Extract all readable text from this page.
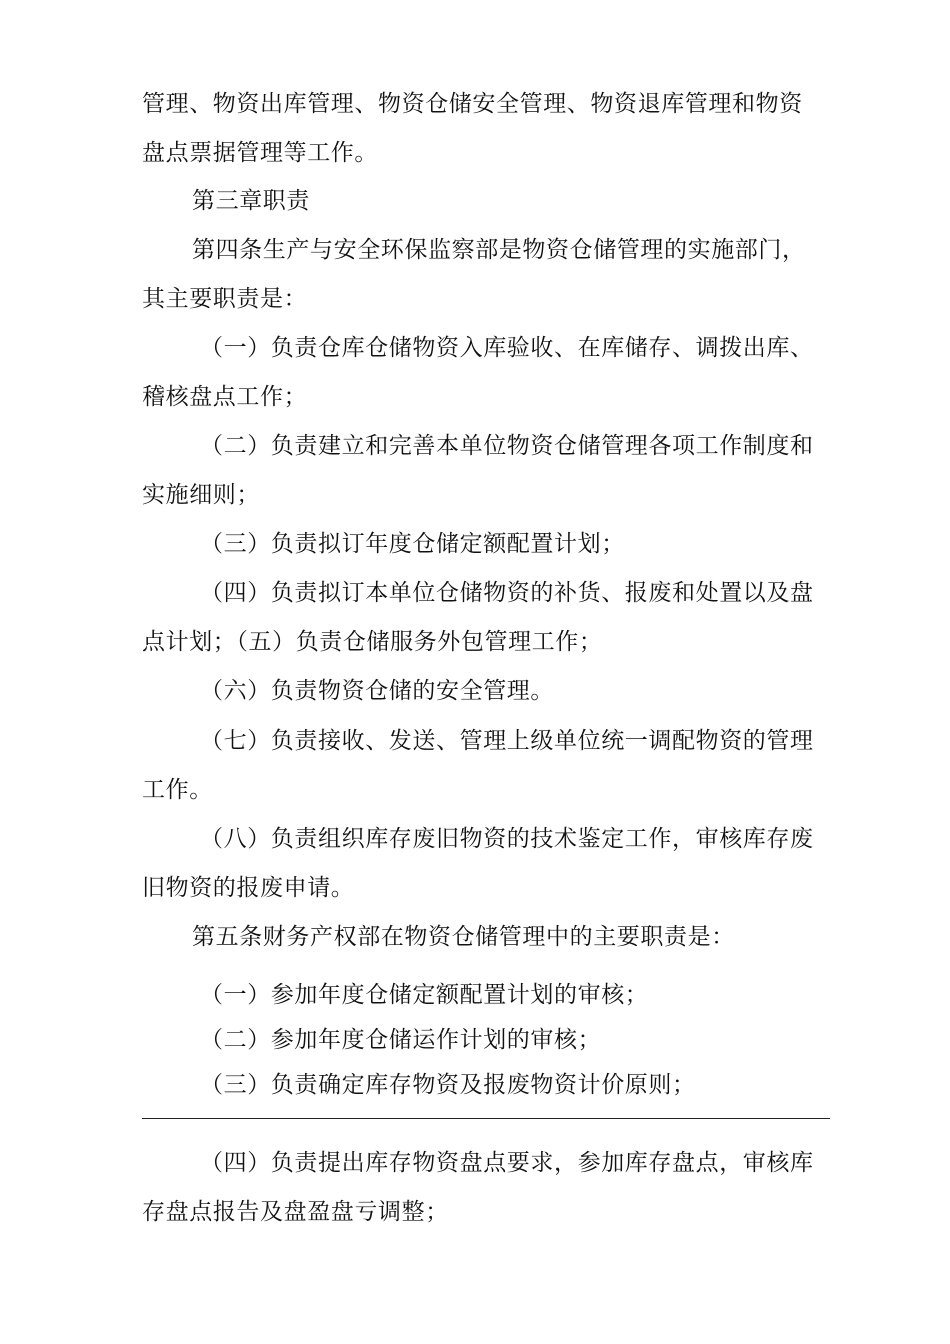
管理、物资出库管理、物资仓储安全管理、物资退库管理和物资
盘点票据管理等工作。
第三章职责
第四条生产与安全环保监察部是物资仓储管理的实施部门，
其主要职责是：
（一）负责仓库仓储物资入库验收、在库储存、调拨出库、
稽核盘点工作；
（二）负责建立和完善本单位物资仓储管理各项工作制度和
实施细则；
（三）负责拟订年度仓储定额配置计划；
（四）负责拟订本单位仓储物资的补货、报废和处置以及盘
点计划；（五）负责仓储服务外包管理工作；
（六）负责物资仓储的安全管理。
（七）负责接收、发送、管理上级单位统一调配物资的管理
工作。
（八）负责组织库存废旧物资的技术鉴定工作，审核库存废
旧物资的报废申请。
第五条财务产权部在物资仓储管理中的主要职责是：
（一）参加年度仓储定额配置计划的审核；
（二）参加年度仓储运作计划的审核；
（三）负责确定库存物资及报废物资计价原则；
（四）负责提出库存物资盘点要求，参加库存盘点，审核库
存盘点报告及盘盈盘亏调整；
